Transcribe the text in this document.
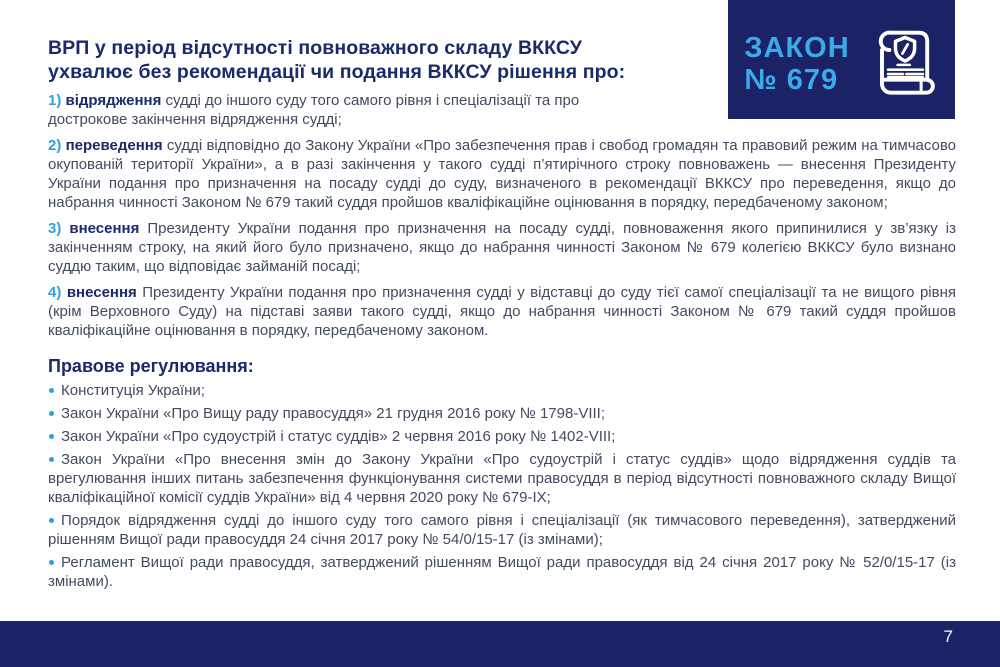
ВРП у період відсутності повноважного складу ВККСУ
ухвалює без рекомендації чи подання ВККСУ рішення про:

1) відрядження судді до іншого суду того самого рівня і спеціалізації та про дострокове закінчення відрядження судді;

2) переведення судді відповідно до Закону України «Про забезпечення прав і свобод громадян та правовий режим на тимчасово окупованій території України», а в разі закінчення у такого судді п’ятирічного строку повноважень — внесення Президенту України подання про призначення на посаду судді до суду, визначеного в рекомендації ВККСУ про переведення, якщо до набрання чинності Законом № 679 такий суддя пройшов кваліфікаційне оцінювання в порядку, передбаченому законом;

3) внесення Президенту України подання про призначення на посаду судді, повноваження якого припинилися у зв’язку із закінченням строку, на який його було призначено, якщо до набрання чинності Законом № 679 колегією ВККСУ було визнано суддю таким, що відповідає займаній посаді;

4) внесення Президенту України подання про призначення судді у відставці до суду тієї самої спеціалізації та не вищого рівня (крім Верховного Суду) на підставі заяви такого судді, якщо до набрання чинності Законом № 679 такий суддя пройшов кваліфікаційне оцінювання в порядку, передбаченому законом.

Правове регулювання:

Конституція України;

Закон України «Про Вищу раду правосуддя» 21 грудня 2016 року № 1798-VIII;

Закон України «Про судоустрій і статус суддів» 2 червня 2016 року № 1402-VIII;

Закон України «Про внесення змін до Закону України «Про судоустрій і статус суддів» щодо відрядження суддів та врегулювання інших питань забезпечення функціонування системи правосуддя в період відсутності повноважного складу Вищої кваліфікаційної комісії суддів України» від 4 червня 2020 року № 679-IX;

Порядок відрядження судді до іншого суду того самого рівня і спеціалізації (як тимчасового переведення), затверджений рішенням Вищої ради правосуддя 24 січня 2017 року № 54/0/15-17 (із змінами);

Регламент Вищої ради правосуддя, затверджений рішенням Вищої ради правосуддя від 24 січня 2017 року № 52/0/15-17 (із змінами).

ЗАКОН
№ 679
7
